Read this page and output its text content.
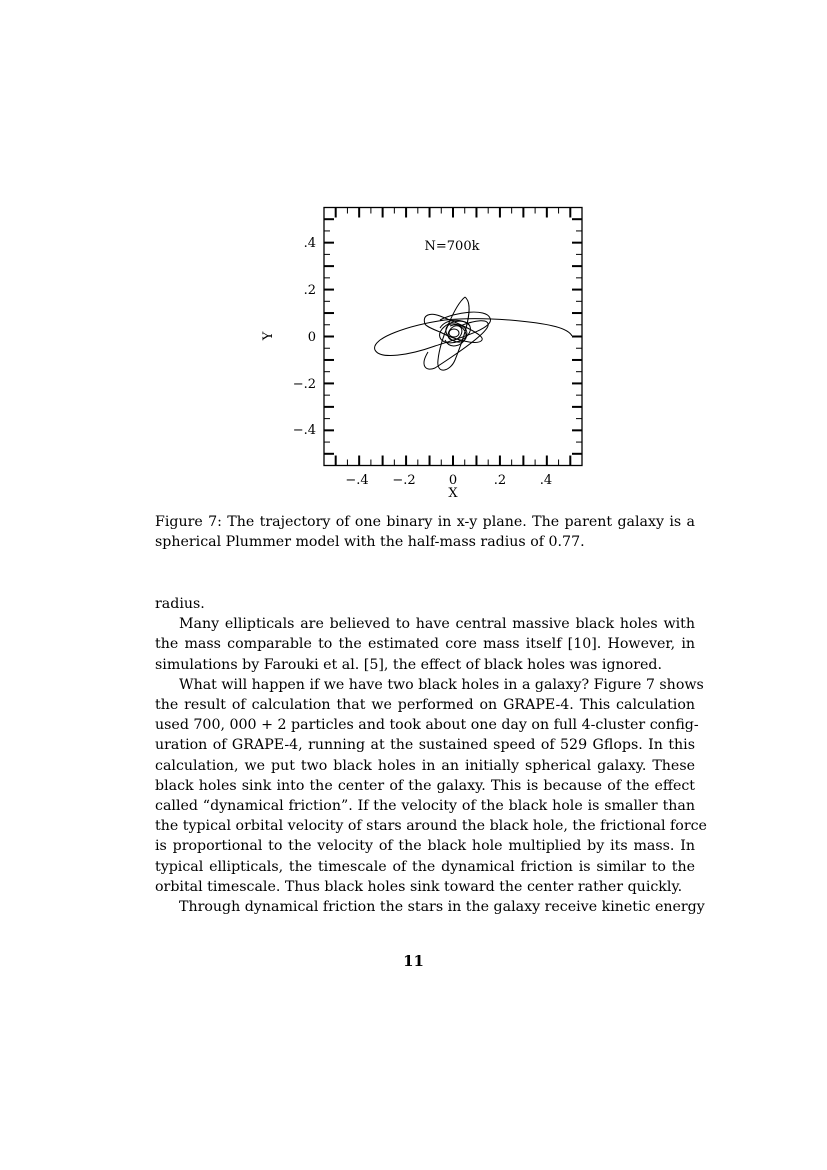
N=700k
.4
.2
0
−.2
−.4
−.4 −.2	0	.2	.4
X
Y
Figure 7: The trajectory of one binary in x-y plane. The parent galaxy is a
spherical Plummer model with the half-mass radius of 0.77.
radius.
Many ellipticals are believed to have central massive black holes with
the mass comparable to the estimated core mass itself [10]. However, in
simulations by Farouki et al. [5], the effect of black holes was ignored.
What will happen if we have two black holes in a galaxy? Figure 7 shows
the result of calculation that we performed on GRAPE-4. This calculation
used 700, 000 + 2 particles and took about one day on full 4-cluster config-
uration of GRAPE-4, running at the sustained speed of 529 Gflops. In this
calculation, we put two black holes in an initially spherical galaxy. These
black holes sink into the center of the galaxy. This is because of the effect
called “dynamical friction”. If the velocity of the black hole is smaller than
the typical orbital velocity of stars around the black hole, the frictional force
is proportional to the velocity of the black hole multiplied by its mass. In
typical ellipticals, the timescale of the dynamical friction is similar to the
orbital timescale. Thus black holes sink toward the center rather quickly.
Through dynamical friction the stars in the galaxy receive kinetic energy
11
